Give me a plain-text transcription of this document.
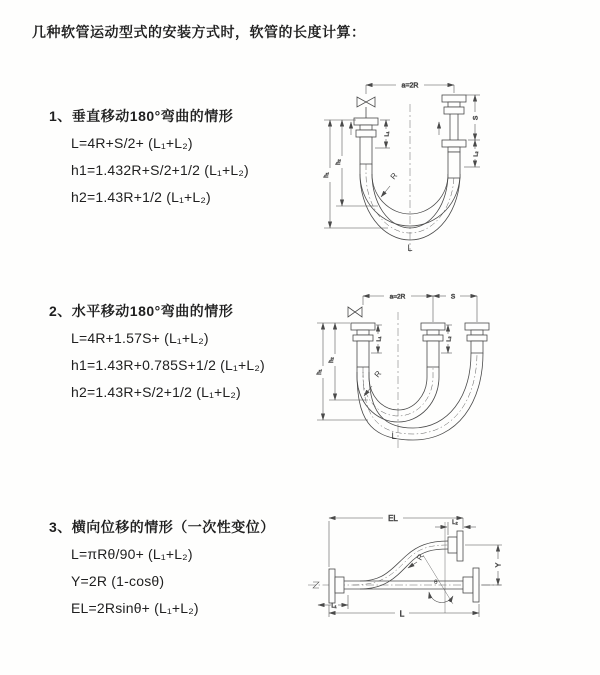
几种软管运动型式的安装方式时，软管的长度计算：
1、垂直移动180°弯曲的情形
L=4R+S/2+ (L₁+L₂)
h1=1.432R+S/2+1/2 (L₁+L₂)
h2=1.43R+1/2 (L₁+L₂)
2、水平移动180°弯曲的情形
L=4R+1.57S+ (L₁+L₂)
h1=1.43R+0.785S+1/2 (L₁+L₂)
h2=1.43R+S/2+1/2 (L₁+L₂)
3、横向位移的情形（一次性变位）
L=πRθ/90+ (L₁+L₂)
Y=2R (1-cosθ)
EL=2Rsinθ+ (L₁+L₂)
a=2R
S
L₂
L₁
h₁
h₂
R
L
a=2R	S
L₁	L₂
h₁
h₂
R
L
θ
EL	L₂
Y
L
L₁
R
